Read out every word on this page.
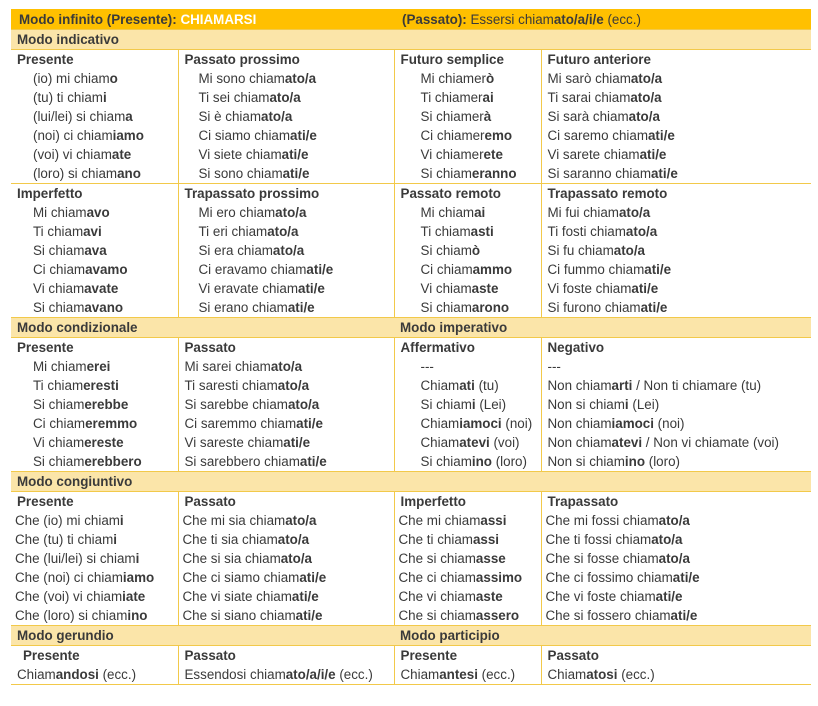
Modo infinito (Presente): CHIAMARSI		(Passato): Essersi chiamato/a/i/e (ecc.)	
Modo indicativo			
Presente	Passato prossimo	Futuro semplice	Futuro anteriore
(io) mi chiamo	Mi sono chiamato/a	Mi chiamerò	Mi sarò chiamato/a
(tu) ti chiami	Ti sei chiamato/a	Ti chiamerai	Ti sarai chiamato/a
(lui/lei) si chiama	Si è chiamato/a	Si chiamerà	Si sarà chiamato/a
(noi) ci chiamiamo	Ci siamo chiamati/e	Ci chiameremo	Ci saremo chiamati/e
(voi) vi chiamate	Vi siete chiamati/e	Vi chiamerete	Vi sarete chiamati/e
(loro) si chiamano	Si sono chiamati/e	Si chiameranno	Si saranno chiamati/e
Imperfetto	Trapassato prossimo	Passato remoto	Trapassato remoto
Mi chiamavo	Mi ero chiamato/a	Mi chiamai	Mi fui chiamato/a
Ti chiamavi	Ti eri chiamato/a	Ti chiamasti	Ti fosti chiamato/a
Si chiamava	Si era chiamato/a	Si chiamò	Si fu chiamato/a
Ci chiamavamo	Ci eravamo chiamati/e	Ci chiamammo	Ci fummo chiamati/e
Vi chiamavate	Vi eravate chiamati/e	Vi chiamaste	Vi foste chiamati/e
Si chiamavano	Si erano chiamati/e	Si chiamarono	Si furono chiamati/e
Modo condizionale		Modo imperativo	
Presente	Passato	Affermativo	Negativo
Mi chiamerei	Mi sarei chiamato/a	---	---
Ti chiameresti	Ti saresti chiamato/a	Chiamati (tu)	Non chiamarti / Non ti chiamare (tu)
Si chiamerebbe	Si sarebbe chiamato/a	Si chiami (Lei)	Non si chiami (Lei)
Ci chiameremmo	Ci saremmo chiamati/e	Chiamiamoci (noi)	Non chiamiamoci (noi)
Vi chiamereste	Vi sareste chiamati/e	Chiamatevi (voi)	Non chiamatevi / Non vi chiamate (voi)
Si chiamerebbero	Si sarebbero chiamati/e	Si chiamino (loro)	Non si chiamino (loro)
Modo congiuntivo			
Presente	Passato	Imperfetto	Trapassato
Che (io) mi chiami	Che mi sia chiamato/a	Che mi chiamassi	Che mi fossi chiamato/a
Che (tu) ti chiami	Che ti sia chiamato/a	Che ti chiamassi	Che ti fossi chiamato/a
Che (lui/lei) si chiami	Che si sia chiamato/a	Che si chiamasse	Che si fosse chiamato/a
Che (noi) ci chiamiamo	Che ci siamo chiamati/e	Che ci chiamassimo	Che ci fossimo chiamati/e
Che (voi) vi chiamiate	Che vi siate chiamati/e	Che vi chiamaste	Che vi foste chiamati/e
Che (loro) si chiamino	Che si siano chiamati/e	Che si chiamassero	Che si fossero chiamati/e
Modo gerundio		Modo participio	
Presente	Passato	Presente	Passato
Chiamandosi (ecc.)	Essendosi chiamato/a/i/e (ecc.)	Chiamantesi (ecc.)	Chiamatosi (ecc.)
